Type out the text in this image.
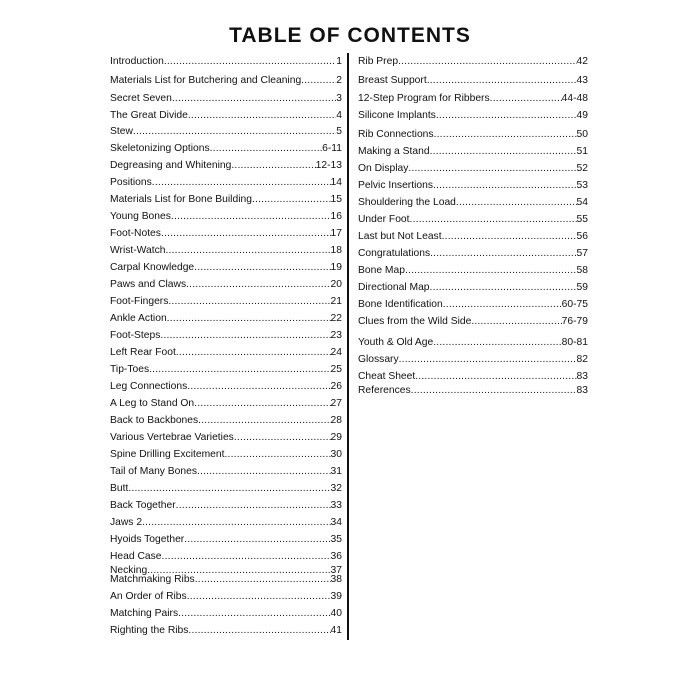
TABLE OF CONTENTS
Introduction .....	1
Materials List for Butchering and Cleaning .....	2
Secret Seven .....	3
The Great Divide .....	4
Stew .....	5
Skeletonizing Options .....	6-11
Degreasing and Whitening .....	12-13
Positions .....	14
Materials List for Bone Building .....	15
Young Bones .....	16
Foot-Notes .....	17
Wrist-Watch .....	18
Carpal Knowledge .....	19
Paws and Claws .....	20
Foot-Fingers .....	21
Ankle Action .....	22
Foot-Steps .....	23
Left Rear Foot .....	24
Tip-Toes .....	25
Leg Connections .....	26
A Leg to Stand On .....	27
Back to Backbones .....	28
Various Vertebrae Varieties .....	29
Spine Drilling Excitement .....	30
Tail of Many Bones .....	31
Butt .....	32
Back Together .....	33
Jaws 2 .....	34
Hyoids Together .....	35
Head Case .....	36
Necking .....	37
Matchmaking Ribs .....	38
An Order of Ribs .....	39
Matching Pairs .....	40
Righting the Ribs .....	41
Rib Prep .....	42
Breast Support .....	43
12-Step Program for Ribbers .....	44-48
Silicone Implants .....	49
Rib Connections .....	50
Making a Stand .....	51
On Display .....	52
Pelvic Insertions .....	53
Shouldering the Load .....	54
Under Foot .....	55
Last but Not Least .....	56
Congratulations .....	57
Bone Map .....	58
Directional Map .....	59
Bone Identification .....	60-75
Clues from the Wild Side .....	76-79
Youth & Old Age .....	80-81
Glossary .....	82
Cheat Sheet .....	83
References .....	83
